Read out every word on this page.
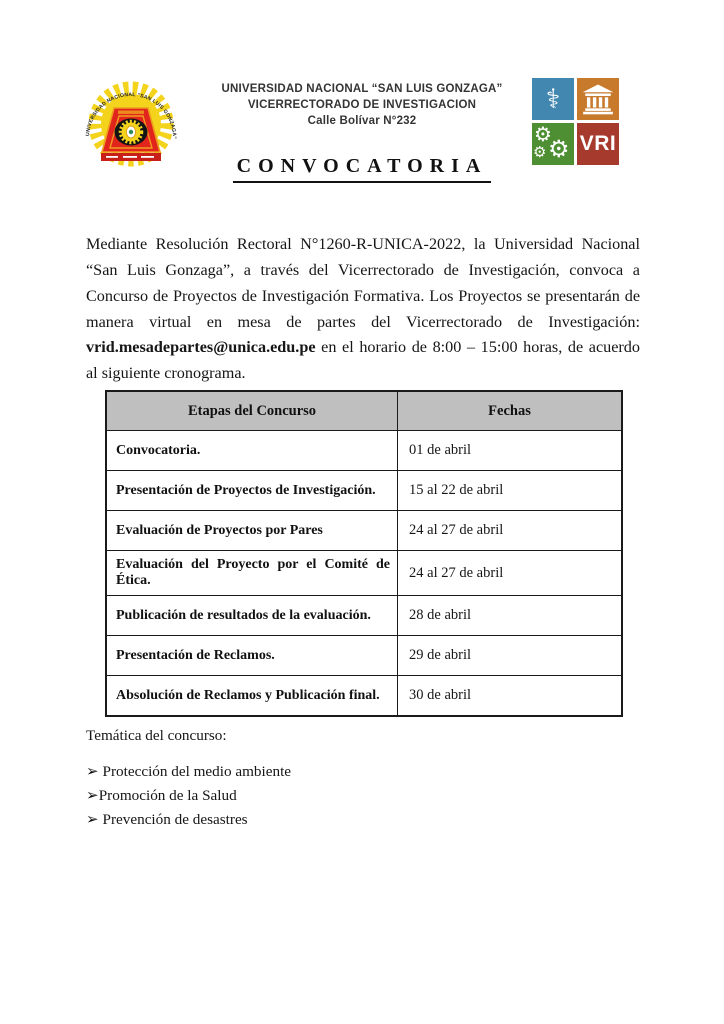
UNIVERSIDAD NACIONAL "SAN LUIS GONZAGA"
UNIVERSIDAD NACIONAL “SAN LUIS GONZAGA”
VICERRECTORADO DE INVESTIGACION
Calle Bolívar N°232
⚕
⚙
⚙
⚙ VRI
CONVOCATORIA

Mediante Resolución Rectoral N°1260-R-UNICA-2022, la Universidad Nacional “San Luis Gonzaga”, a través del Vicerrectorado de Investigación, convoca a Concurso de Proyectos de Investigación Formativa. Los Proyectos se presentarán de manera virtual en mesa de partes del Vicerrectorado de Investigación: vrid.mesadepartes@unica.edu.pe en el horario de 8:00 – 15:00 horas, de acuerdo al siguiente cronograma.

Etapas del Concurso	Fechas
Convocatoria.	01 de abril
Presentación de Proyectos de Investigación.	15 al 22 de abril
Evaluación de Proyectos por Pares	24 al 27 de abril
Evaluación del Proyecto por el Comité de Ética.	24 al 27 de abril
Publicación de resultados de la evaluación.	28 de abril
Presentación de Reclamos.	29 de abril
Absolución de Reclamos y Publicación final.	30 de abril

Temática del concurso:

➢ Protección del medio ambiente
➢Promoción de la Salud
➢ Prevención de desastres
